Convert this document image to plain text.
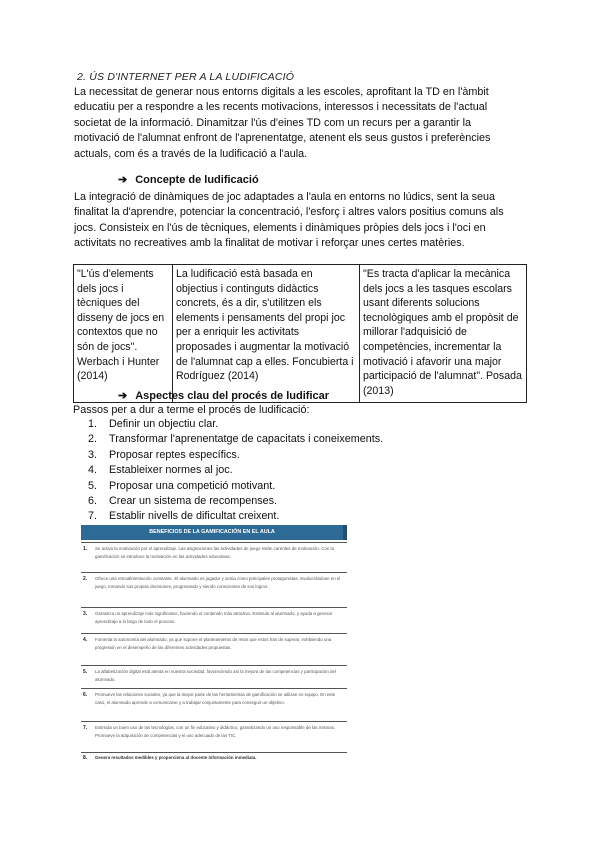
2. ÚS D'INTERNET PER A LA LUDIFICACIÓ
La necessitat de generar nous entorns digitals a les escoles, aprofitant la TD en l'àmbit educatiu per a respondre a les recents motivacions, interessos i necessitats de l'actual societat de la informació. Dinamitzar l'ús d'eines TD com un recurs per a garantir la motivació de l'alumnat enfront de l'aprenentatge, atenent els seus gustos i preferències actuals, com és a través de la ludificació a l'aula.
➔ Concepte de ludificació
La integració de dinàmiques de joc adaptades a l'aula en entorns no lúdics, sent la seua finalitat la d'aprendre, potenciar la concentració, l'esforç i altres valors positius comuns als jocs. Consisteix en l'ús de tècniques, elements i dinàmiques pròpies dels jocs i l'oci en activitats no recreatives amb la finalitat de motivar i reforçar unes certes matèries.
"L'ús d'elements dels jocs i tècniques del disseny de jocs en contextos que no són de jocs". Werbach i Hunter (2014)	La ludificació està basada en objectius i continguts didàctics concrets, és a dir, s'utilitzen els elements i pensaments del propi joc per a enriquir les activitats proposades i augmentar la motivació de l'alumnat cap a elles. Foncubierta i Rodríguez (2014)	"Es tracta d'aplicar la mecànica dels jocs a les tasques escolars usant diferents solucions tecnològiques amb el propòsit de millorar l'adquisició de competències, incrementar la motivació i afavorir una major participació de l'alumnat". Posada (2013)
➔ Aspectes clau del procés de ludificar
Passos per a dur a terme el procés de ludificació:
1. Definir un objectiu clar.
2. Transformar l'aprenentatge de capacitats i coneixements.
3. Proposar reptes específics.
4. Estableixer normes al joc.
5. Proposar una competició motivant.
6. Crear un sistema de recompenses.
7. Establir nivells de dificultat creixent.
BENEFICIOS DE LA GAMIFICACIÓN EN EL AULA
1. Se activa la motivación por el aprendizaje. Las asignaciones las actividades de juego están carentes de motivación. Con la gamificación se introduce la motivación en las actividades educativas.
2. Ofrece una retroalimentación constante. El alumnado es jugador y actúa como principales protagonistas, involucrándose en el juego, tomando sus propias decisiones, progresando y siendo conscientes de sus logros.
3. Garantiza un aprendizaje más significativo, haciendo el contenido más atractivo. Estimula al alumnado, y ayuda a generar aprendizaje a lo largo de todo el proceso.
4. Fomenta la autonomía del alumnado, ya que supone el planteamiento de retos que estos han de superar, exhibiendo una progresión en el desempeño de las diferentes actividades propuestas.
5. La alfabetización digital está atenta en nuestra sociedad, favoreciendo así la mejora de las competencias y participación del alumnado.
6. Promueve las relaciones sociales, ya que la mayor parte de las herramientas de gamificación se utilizan en equipo. En este caso, el alumnado aprende a comunicarse y a trabajar conjuntamente para conseguir un objetivo.
7. Estimula un buen uso de las tecnologías, con un fin educativo y didáctico, garantizando un uso responsable de las mismas. Promueve la adquisición de competencias y el uso adecuado de las TIC.
8. Genera resultados medibles y proporciona al docente información inmediata.
